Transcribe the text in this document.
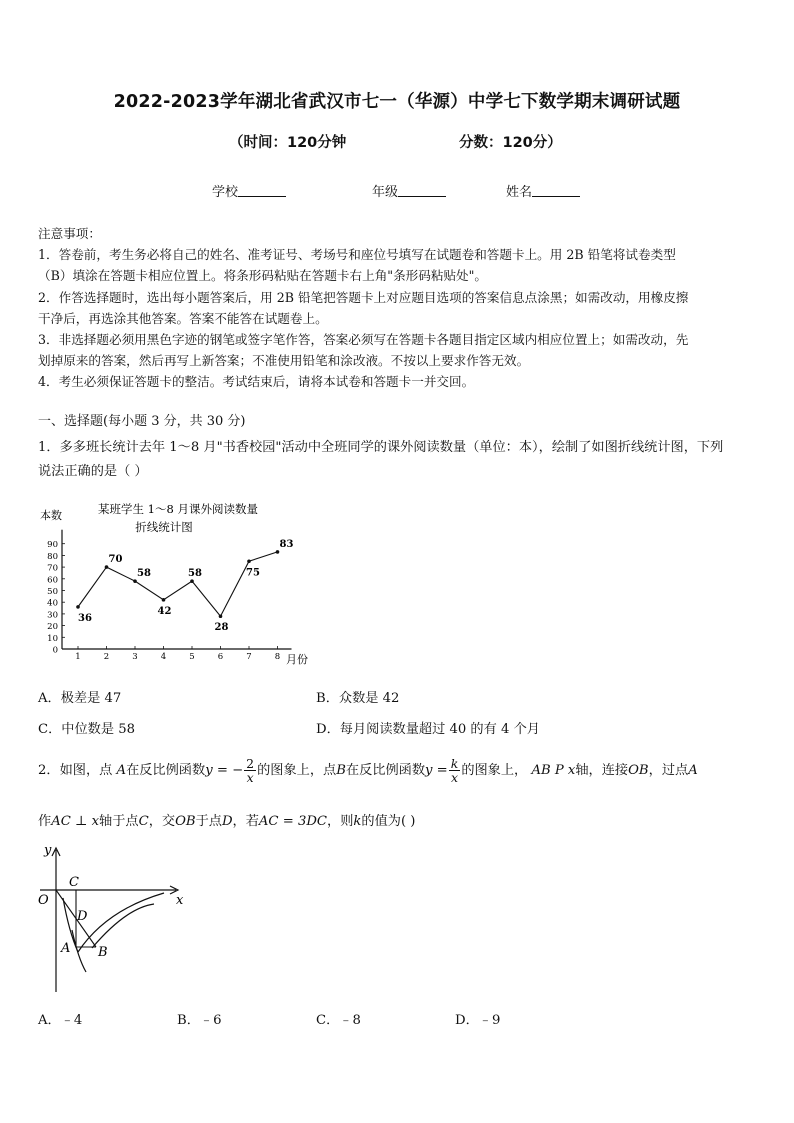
2022-2023学年湖北省武汉市七一（华源）中学七下数学期末调研试题
（时间：120分钟	分数：120分）
学校	年级	姓名

注意事项：

1．答卷前，考生务必将自己的姓名、准考证号、考场号和座位号填写在试题卷和答题卡上。用 2B 铅笔将试卷类型

（B）填涂在答题卡相应位置上。将条形码粘贴在答题卡右上角"条形码粘贴处"。

2．作答选择题时，选出每小题答案后，用 2B 铅笔把答题卡上对应题目选项的答案信息点涂黑；如需改动，用橡皮擦

干净后，再选涂其他答案。答案不能答在试题卷上。

3．非选择题必须用黑色字迹的钢笔或签字笔作答，答案必须写在答题卡各题目指定区域内相应位置上；如需改动，先

划掉原来的答案，然后再写上新答案；不准使用铅笔和涂改液。不按以上要求作答无效。

4．考生必须保证答题卡的整洁。考试结束后，请将本试卷和答题卡一并交回。

一、选择题(每小题 3 分，共 30 分)
1．多多班长统计去年 1～8 月"书香校园"活动中全班同学的课外阅读数量（单位：本），绘制了如图折线统计图，下列
说法正确的是（ ）
某班学生 1～8 月课外阅读数量
折线统计图
本数
月份
0
10
20
30
40
50
60
70
80
90
1	2	3	4	5	6	7	8
36
70
58
42
58
28
75
83
A．极差是 47	B．众数是 42
C．中位数是 58	D．每月阅读数量超过 40 的有 4 个月
2．如图，点 A在反比例函数y = − $\frac{2}{x}$ 的图象上，点B在反比例函数$y = \frac{k}{x}$ 的图象上， AB P x轴，连接OB，过点A
作AC ⊥ x轴于点C，交OB于点D，若AC = 3DC，则k的值为( )
y
x
O
C
D
A B
A．﹣4	B．﹣6	C．﹣8	D．﹣9
